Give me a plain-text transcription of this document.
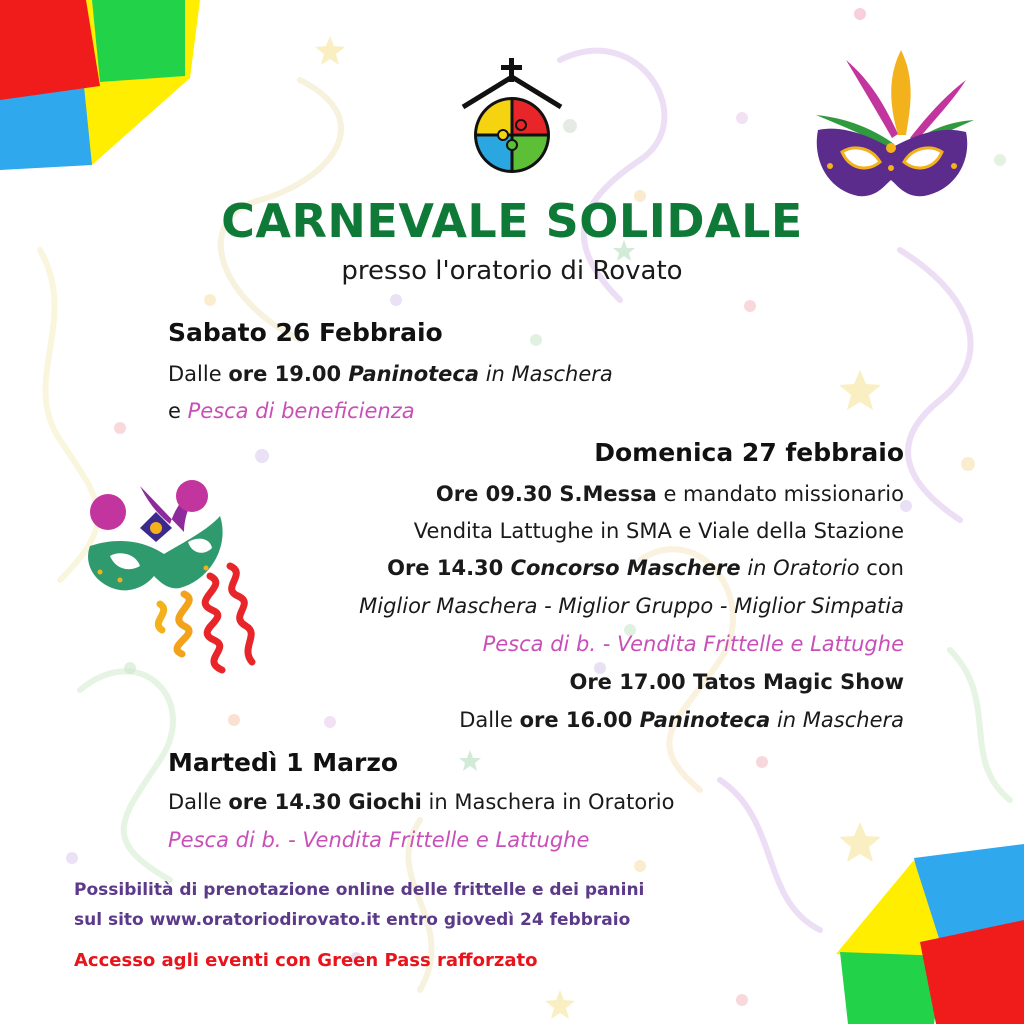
CARNEVALE SOLIDALE
presso l'oratorio di Rovato
Sabato 26 Febbraio
Dalle ore 19.00 Paninoteca in Maschera
e Pesca di beneficienza
Domenica 27 febbraio
Ore 09.30 S.Messa e mandato missionario
Vendita Lattughe in SMA e Viale della Stazione
Ore 14.30 Concorso Maschere in Oratorio con
Miglior Maschera - Miglior Gruppo - Miglior Simpatia
Pesca di b. - Vendita Frittelle e Lattughe
Ore 17.00 Tatos Magic Show
Dalle ore 16.00 Paninoteca in Maschera
Martedì 1 Marzo
Dalle ore 14.30 Giochi in Maschera in Oratorio
Pesca di b. - Vendita Frittelle e Lattughe
Possibilità di prenotazione online delle frittelle e dei panini
sul sito www.oratoriodirovato.it entro giovedì 24 febbraio
Accesso agli eventi con Green Pass rafforzato
